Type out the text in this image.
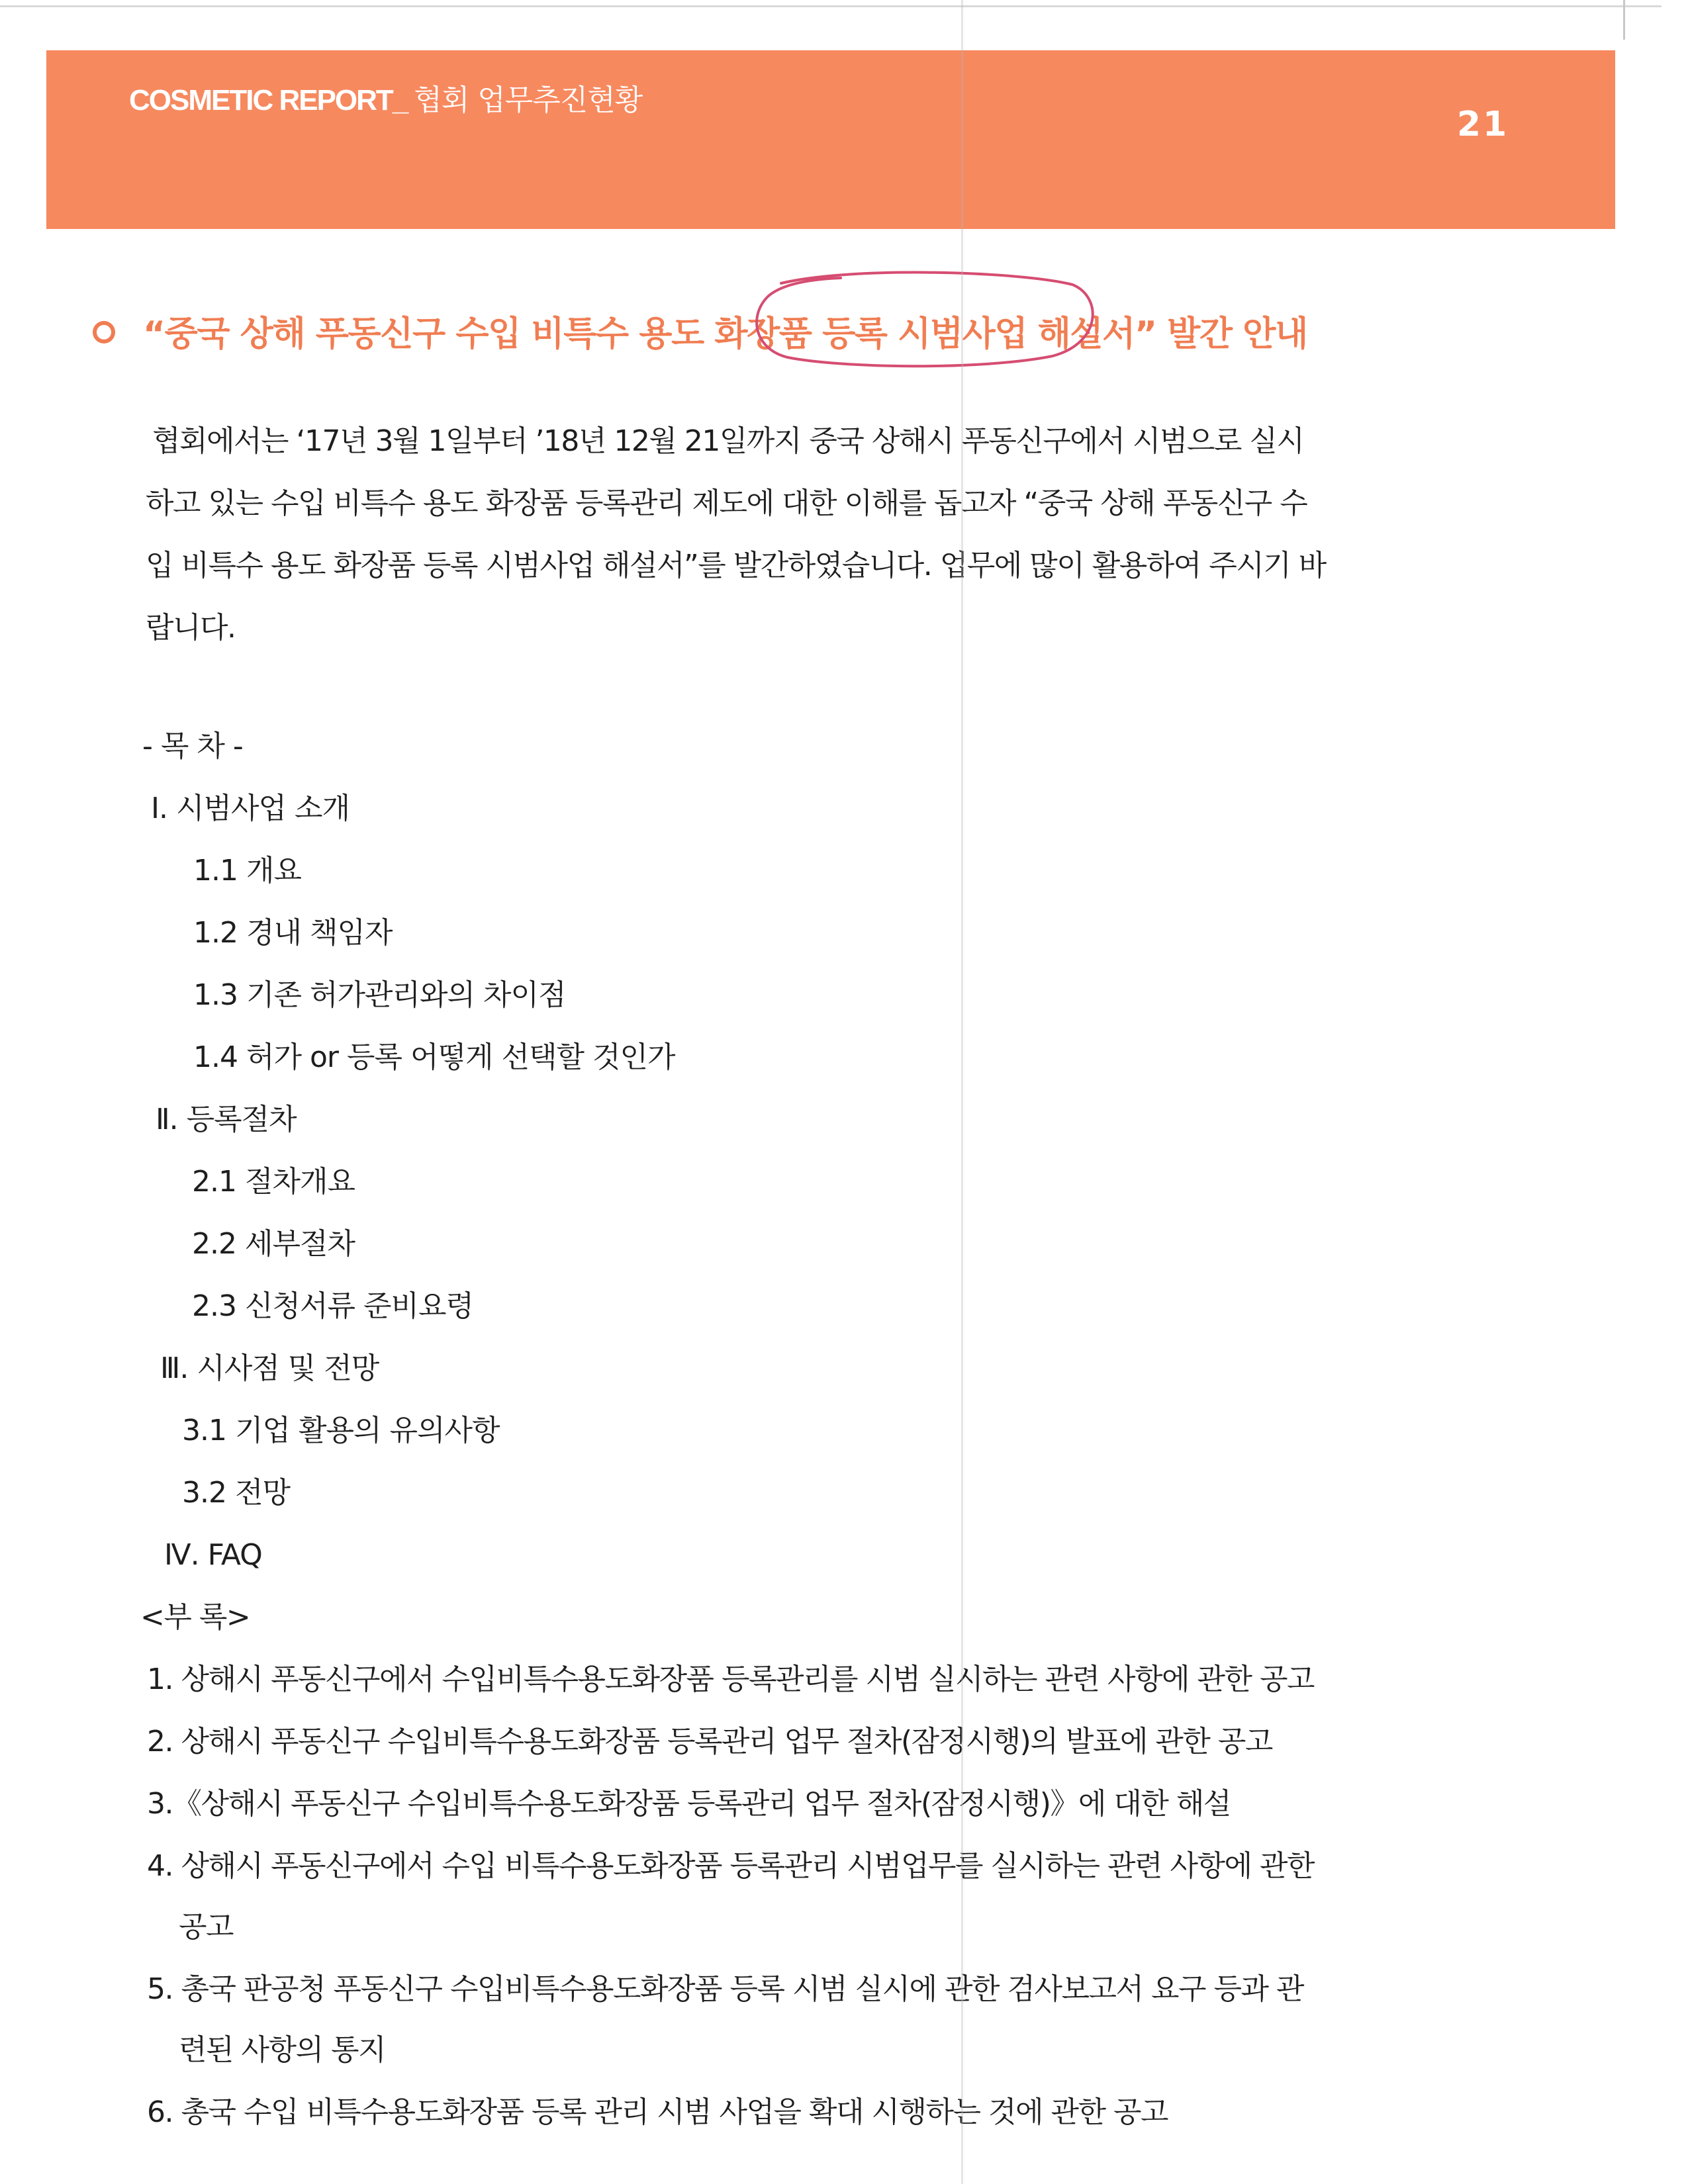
COSMETIC REPORT_ 협회 업무추진현황
21
“중국 상해 푸동신구 수입 비특수 용도 화장품 등록 시범사업 해설서” 발간 안내
협회에서는 ‘17년 3월 1일부터 ’18년 12월 21일까지 중국 상해시 푸동신구에서 시범으로 실시
하고 있는 수입 비특수 용도 화장품 등록관리 제도에 대한 이해를 돕고자 “중국 상해 푸동신구 수
입 비특수 용도 화장품 등록 시범사업 해설서”를 발간하였습니다. 업무에 많이 활용하여 주시기 바
랍니다.
- 목 차 -
Ⅰ. 시범사업 소개
1.1 개요
1.2 경내 책임자
1.3 기존 허가관리와의 차이점
1.4 허가 or 등록 어떻게 선택할 것인가
Ⅱ. 등록절차
2.1 절차개요
2.2 세부절차
2.3 신청서류 준비요령
Ⅲ. 시사점 및 전망
3.1 기업 활용의 유의사항
3.2 전망
Ⅳ. FAQ
<부 록>
1. 상해시 푸동신구에서 수입비특수용도화장품 등록관리를 시범 실시하는 관련 사항에 관한 공고
2. 상해시 푸동신구 수입비특수용도화장품 등록관리 업무 절차(잠정시행)의 발표에 관한 공고
3.《상해시 푸동신구 수입비특수용도화장품 등록관리 업무 절차(잠정시행)》에 대한 해설
4. 상해시 푸동신구에서 수입 비특수용도화장품 등록관리 시범업무를 실시하는 관련 사항에 관한
공고
5. 총국 판공청 푸동신구 수입비특수용도화장품 등록 시범 실시에 관한 검사보고서 요구 등과 관
련된 사항의 통지
6. 총국 수입 비특수용도화장품 등록 관리 시범 사업을 확대 시행하는 것에 관한 공고
